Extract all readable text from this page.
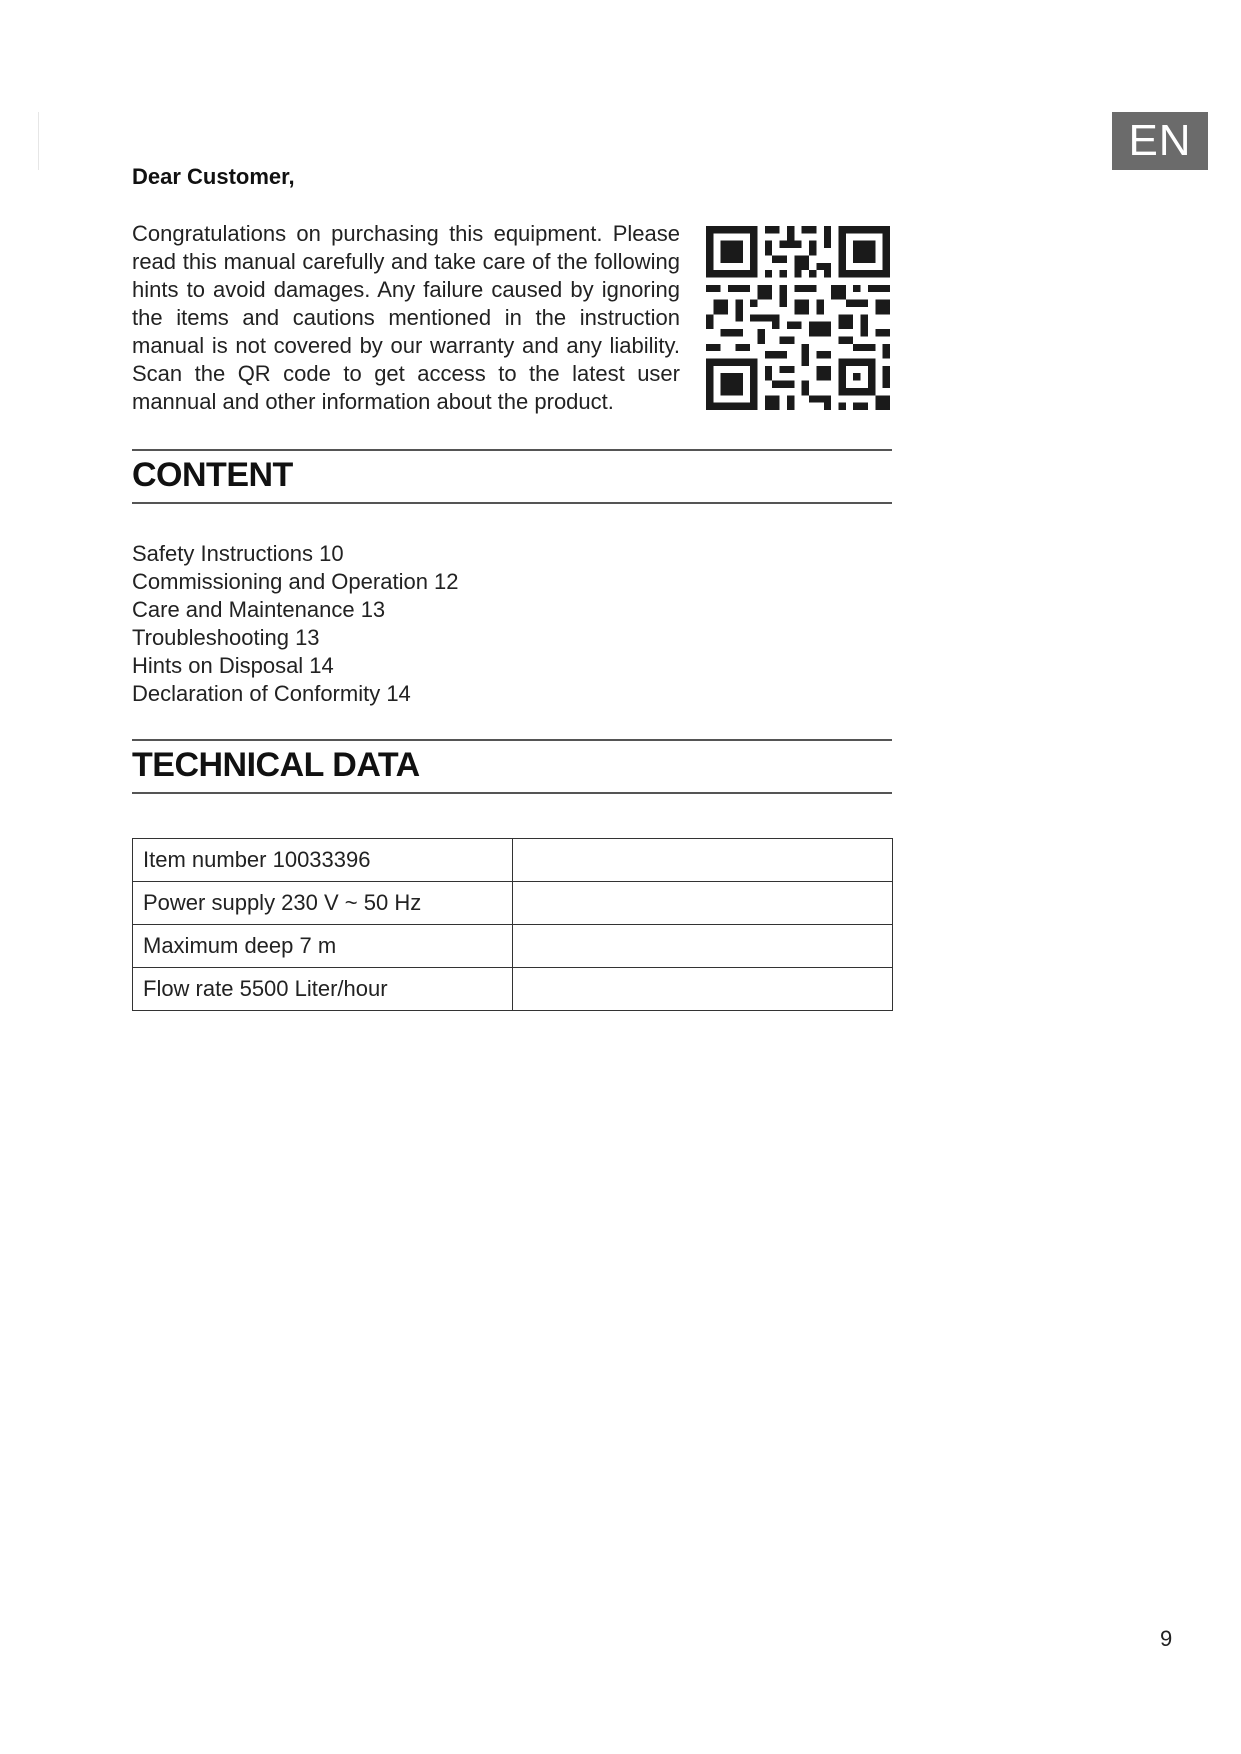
EN
Dear Customer,

Congratulations on purchasing this equipment. Please read this manual carefully and take care of the following hints to avoid damages. Any failure caused by ignoring the items and cautions mentioned in the instruction manual is not covered by our warranty and any liability. Scan the QR code to get access to the latest user mannual and other information about the product.

CONTENT
Safety Instructions 10
Commissioning and Operation 12
Care and Maintenance 13
Troubleshooting 13
Hints on Disposal 14
Declaration of Conformity 14
TECHNICAL DATA
Item number 10033396	
Power supply 230 V ~ 50 Hz	
Maximum deep 7 m	
Flow rate 5500 Liter/hour	
9
